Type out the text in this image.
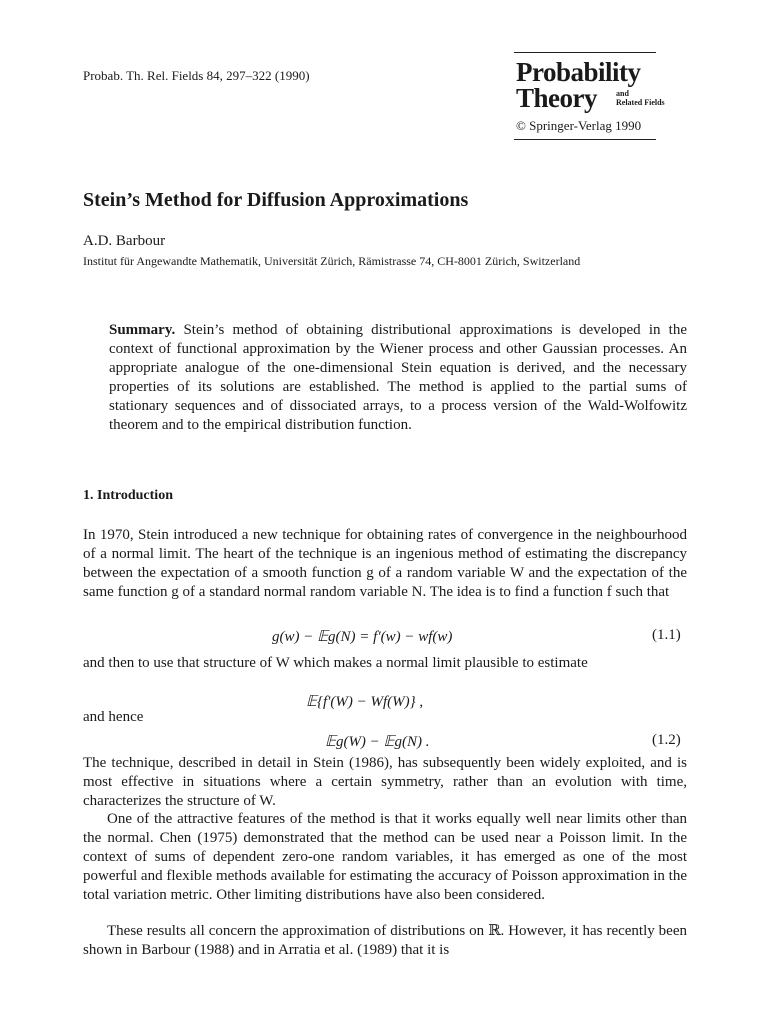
Probab. Th. Rel. Fields 84, 297–322 (1990)	Probability
Theory and
Related Fields
© Springer-Verlag 1990
Stein’s Method for Diffusion Approximations
A.D. Barbour
Institut für Angewandte Mathematik, Universität Zürich, Rämistrasse 74, CH-8001 Zürich, Switzerland
Summary. Stein’s method of obtaining distributional approximations is developed in the context of functional approximation by the Wiener process and other Gaussian processes. An appropriate analogue of the one-dimensional Stein equation is derived, and the necessary properties of its solutions are established. The method is applied to the partial sums of stationary sequences and of dissociated arrays, to a process version of the Wald-Wolfowitz theorem and to the empirical distribution function.
1. Introduction
In 1970, Stein introduced a new technique for obtaining rates of convergence in the neighbourhood of a normal limit. The heart of the technique is an ingenious method of estimating the discrepancy between the expectation of a smooth function g of a random variable W and the expectation of the same function g of a standard normal random variable N. The idea is to find a function f such that
g(w) − 𝔼g(N) = f′(w) − wf(w)	(1.1)
and then to use that structure of W which makes a normal limit plausible to estimate
𝔼{f′(W) − Wf(W)} ,
and hence
𝔼g(W) − 𝔼g(N) .	(1.2)
The technique, described in detail in Stein (1986), has subsequently been widely exploited, and is most effective in situations where a certain symmetry, rather than an evolution with time, characterizes the structure of W.
One of the attractive features of the method is that it works equally well near limits other than the normal. Chen (1975) demonstrated that the method can be used near a Poisson limit. In the context of sums of dependent zero-one random variables, it has emerged as one of the most powerful and flexible methods available for estimating the accuracy of Poisson approximation in the total variation metric. Other limiting distributions have also been considered.
These results all concern the approximation of distributions on ℝ. However, it has recently been shown in Barbour (1988) and in Arratia et al. (1989) that it is
